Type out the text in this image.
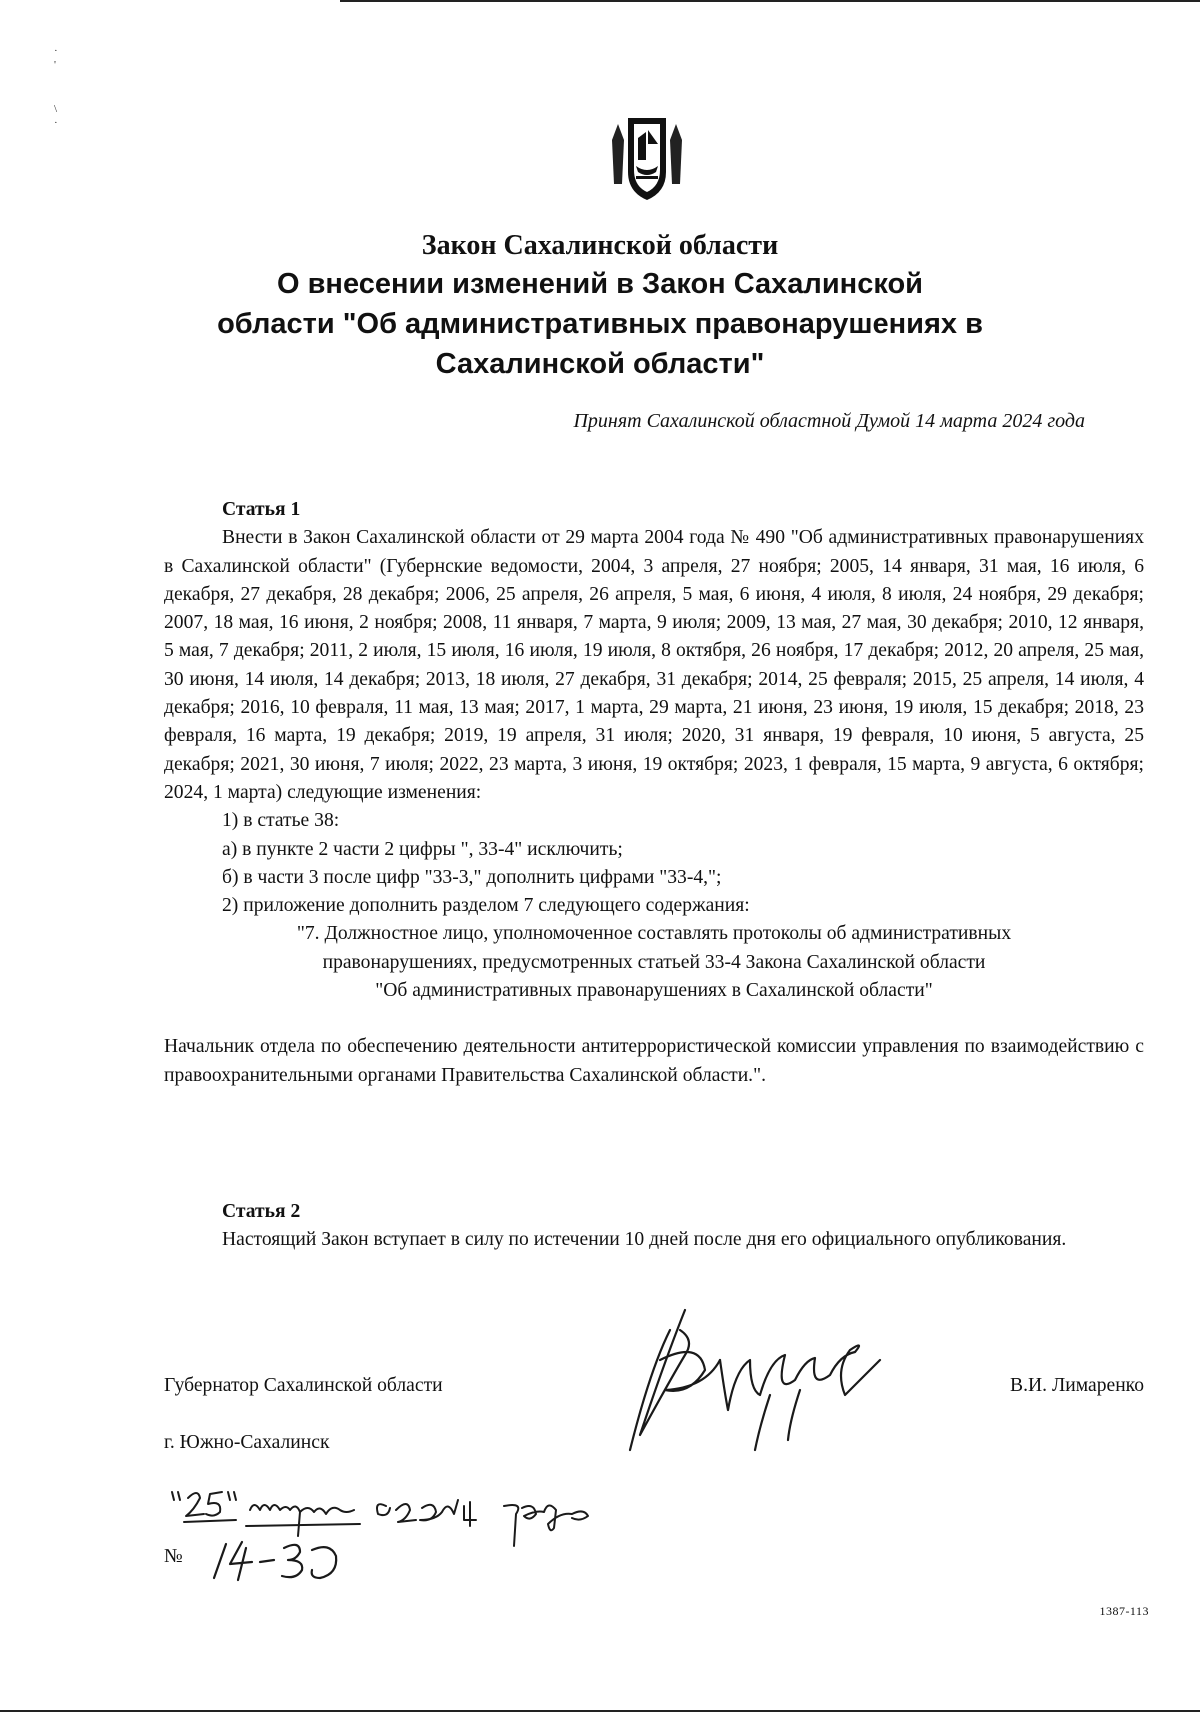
·
'
\
·
Закон Сахалинской области
О внесении изменений в Закон Сахалинской
области "Об административных правонарушениях в
Сахалинской области"
Принят Сахалинской областной Думой 14 марта 2024 года
Статья 1
Внести в Закон Сахалинской области от 29 марта 2004 года № 490 "Об административных правонарушениях в Сахалинской области" (Губернские ведомости, 2004, 3 апреля, 27 ноября; 2005, 14 января, 31 мая, 16 июля, 6 декабря, 27 декабря, 28 декабря; 2006, 25 апреля, 26 апреля, 5 мая, 6 июня, 4 июля, 8 июля, 24 ноября, 29 декабря; 2007, 18 мая, 16 июня, 2 ноября; 2008, 11 января, 7 марта, 9 июля; 2009, 13 мая, 27 мая, 30 декабря; 2010, 12 января, 5 мая, 7 декабря; 2011, 2 июля, 15 июля, 16 июля, 19 июля, 8 октября, 26 ноября, 17 декабря; 2012, 20 апреля, 25 мая, 30 июня, 14 июля, 14 декабря; 2013, 18 июля, 27 декабря, 31 декабря; 2014, 25 февраля; 2015, 25 апреля, 14 июля, 4 декабря; 2016, 10 февраля, 11 мая, 13 мая; 2017, 1 марта, 29 марта, 21 июня, 23 июня, 19 июля, 15 декабря; 2018, 23 февраля, 16 марта, 19 декабря; 2019, 19 апреля, 31 июля; 2020, 31 января, 19 февраля, 10 июня, 5 августа, 25 декабря; 2021, 30 июня, 7 июля; 2022, 23 марта, 3 июня, 19 октября; 2023, 1 февраля, 15 марта, 9 августа, 6 октября; 2024, 1 марта) следующие изменения:
1) в статье 38:
а) в пункте 2 части 2 цифры ", 33-4" исключить;
б) в части 3 после цифр "33-3," дополнить цифрами "33-4,";
2) приложение дополнить разделом 7 следующего содержания:
"7. Должностное лицо, уполномоченное составлять протоколы об административных
правонарушениях, предусмотренных статьей 33-4 Закона Сахалинской области
"Об административных правонарушениях в Сахалинской области"
Начальник отдела по обеспечению деятельности антитеррористической комиссии управления по взаимодействию с правоохранительными органами Правительства Сахалинской области.".
Статья 2
Настоящий Закон вступает в силу по истечении 10 дней после дня его официального опубликования.
Губернатор Сахалинской области	В.И. Лимаренко
г. Южно-Сахалинск
№
1387-113
